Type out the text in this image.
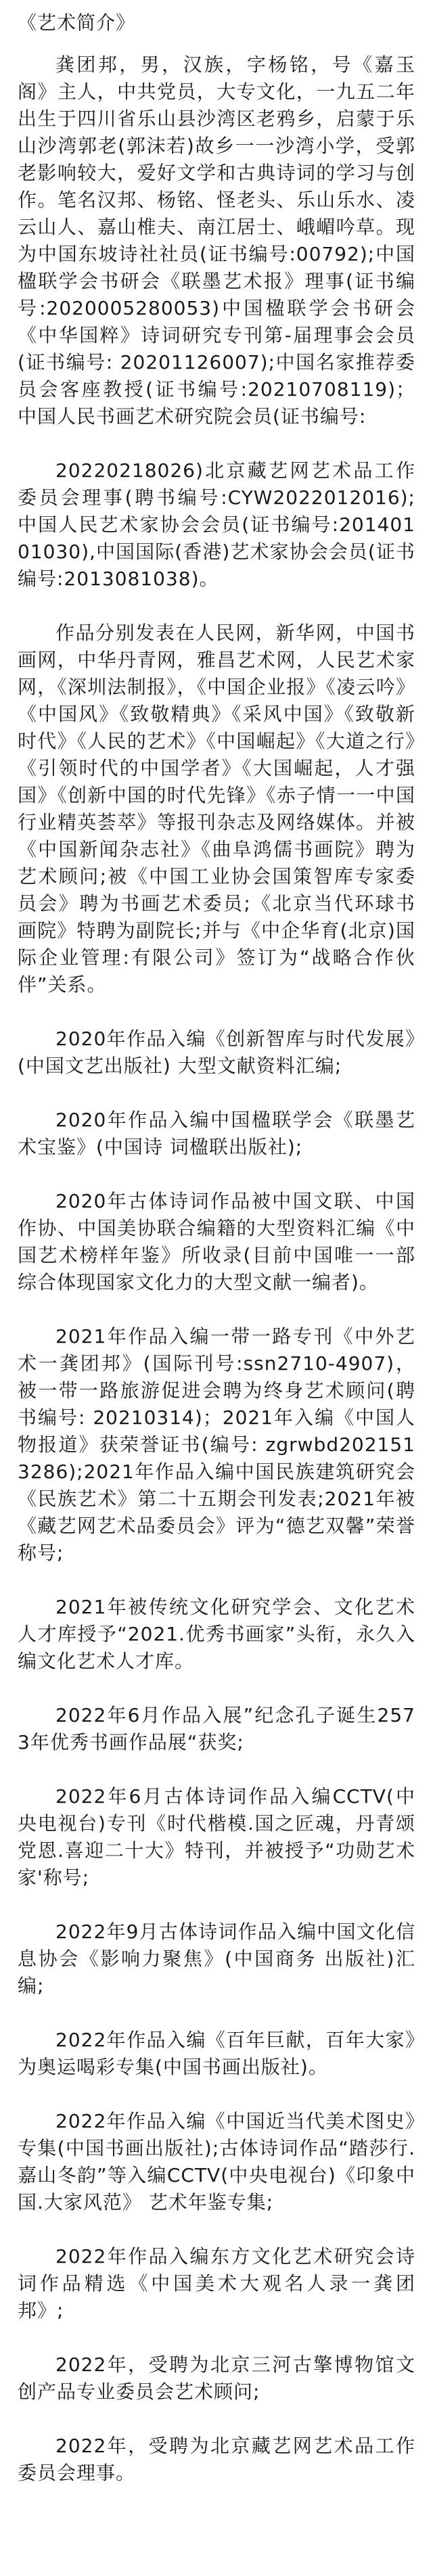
《艺术简介》

龚团邦，男，汉族，字杨铭，号《嘉玉阁》主人，中共党员，大专文化，一九五二年出生于四川省乐山县沙湾区老鸦乡，启蒙于乐山沙湾郭老(郭沫若)故乡一一沙湾小学，受郭老影响较大，爱好文学和古典诗词的学习与创作。笔名汉邦、杨铭、怪老头、乐山乐水、凌云山人、嘉山椎夫、南江居士、峨嵋吟草。现为中国东坡诗社社员(证书编号:00792);中国楹联学会书研会《联墨艺术报》理事(证书编号:2020005280053)中国楹联学会书研会《中华国粹》诗词研究专刊第-届理事会会员(证书编号: 20201126007);中国名家推荐委员会客座教授(证书编号:20210708119)；中国人民书画艺术研究院会员(证书编号:

20220218026)北京藏艺网艺术品工作委员会理事(聘书编号:CYW2022012016);中国人民艺术家协会会员(证书编号:20140101030),中国国际(香港)艺术家协会会员(证书编号:2013081038)。

作品分别发表在人民网，新华网，中国书画网，中华丹青网，雅昌艺术网，人民艺术家网，《深圳法制报》，《中国企业报》《凌云吟》《中国风》《致敬精典》《采风中国》《致敬新时代》《人民的艺术》《中国崛起》《大道之行》《引领时代的中国学者》《大国崛起，人才强国》《创新中国的时代先锋》《赤子情一一中国行业精英荟萃》等报刊杂志及网络媒体。并被《中国新闻杂志社》《曲阜鸿儒书画院》聘为艺术顾问;被《中国工业协会国策智库专家委员会》聘为书画艺术委员;《北京当代环球书画院》特聘为副院长;并与《中企华育(北京)国际企业管理:有限公司》签订为“战略合作伙伴”关系。

2020年作品入编《创新智库与时代发展》(中国文艺出版社) 大型文献资料汇编;

2020年作品入编中国楹联学会《联墨艺术宝鉴》(中国诗 词楹联出版社);

2020年古体诗词作品被中国文联、中国作协、中国美协联合编籍的大型资料汇编《中国艺术榜样年鉴》所收录(目前中国唯一一部综合体现国家文化力的大型文献一编者)。

2021年作品入编一带一路专刊《中外艺术一龚团邦》(国际刊号:ssn2710-4907)，被一带一路旅游促进会聘为终身艺术顾问(聘书编号: 20210314)；2021年入编《中国人物报道》获荣誉证书(编号: zgrwbd2021513286);2021年作品入编中国民族建筑研究会《民族艺术》第二十五期会刊发表;2021年被《藏艺网艺术品委员会》评为“德艺双馨”荣誉称号;

2021年被传统文化研究学会、文化艺术人才库授予“2021.优秀书画家”头衔，永久入编文化艺术人才库。

2022年6月作品入展”纪念孔子诞生2573年优秀书画作品展“获奖;

2022年6月古体诗词作品入编CCTV(中央电视台)专刊《时代楷模.国之匠魂，丹青颂党恩.喜迎二十大》特刊，并被授予“功勋艺术家'称号;

2022年9月古体诗词作品入编中国文化信息协会《影响力聚焦》(中国商务 出版社)汇编;

2022年作品入编《百年巨献，百年大家》为奥运喝彩专集(中国书画出版社)。

2022年作品入编《中国近当代美术图史》专集(中国书画出版社);古体诗词作品“踏莎行.嘉山冬韵”等入编CCTV(中央电视台)《印象中国.大家风范》 艺术年鉴专集;

2022年作品入编东方文化艺术研究会诗词作品精选《中国美术大观名人录一龚团邦》;

2022年，受聘为北京三河古擎博物馆文创产品专业委员会艺术顾问;

2022年，受聘为北京藏艺网艺术品工作委员会理事。
